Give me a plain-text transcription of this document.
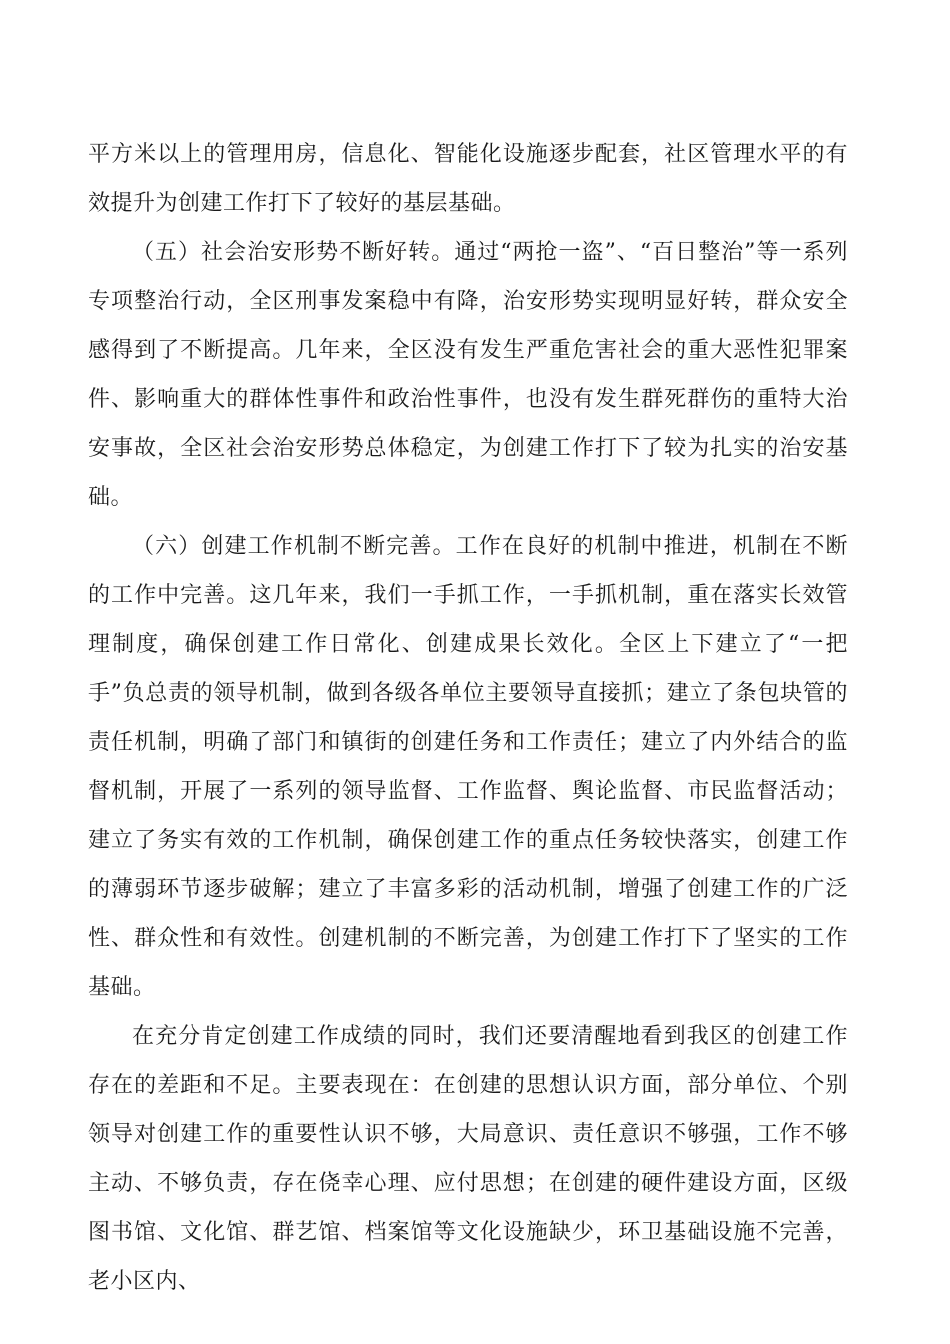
平方米以上的管理用房，信息化、智能化设施逐步配套，社区管理水平的有效提升为创建工作打下了较好的基层基础。

（五）社会治安形势不断好转。通过“两抢一盗”、“百日整治”等一系列专项整治行动，全区刑事发案稳中有降，治安形势实现明显好转，群众安全感得到了不断提高。几年来，全区没有发生严重危害社会的重大恶性犯罪案件、影响重大的群体性事件和政治性事件，也没有发生群死群伤的重特大治安事故，全区社会治安形势总体稳定，为创建工作打下了较为扎实的治安基础。

（六）创建工作机制不断完善。工作在良好的机制中推进，机制在不断的工作中完善。这几年来，我们一手抓工作，一手抓机制，重在落实长效管理制度，确保创建工作日常化、创建成果长效化。全区上下建立了“一把手”负总责的领导机制，做到各级各单位主要领导直接抓；建立了条包块管的责任机制，明确了部门和镇街的创建任务和工作责任；建立了内外结合的监督机制，开展了一系列的领导监督、工作监督、舆论监督、市民监督活动；建立了务实有效的工作机制，确保创建工作的重点任务较快落实，创建工作的薄弱环节逐步破解；建立了丰富多彩的活动机制，增强了创建工作的广泛性、群众性和有效性。创建机制的不断完善，为创建工作打下了坚实的工作基础。

在充分肯定创建工作成绩的同时，我们还要清醒地看到我区的创建工作存在的差距和不足。主要表现在：在创建的思想认识方面，部分单位、个别领导对创建工作的重要性认识不够，大局意识、责任意识不够强，工作不够主动、不够负责，存在侥幸心理、应付思想；在创建的硬件建设方面，区级图书馆、文化馆、群艺馆、档案馆等文化设施缺少，环卫基础设施不完善，老小区内、
